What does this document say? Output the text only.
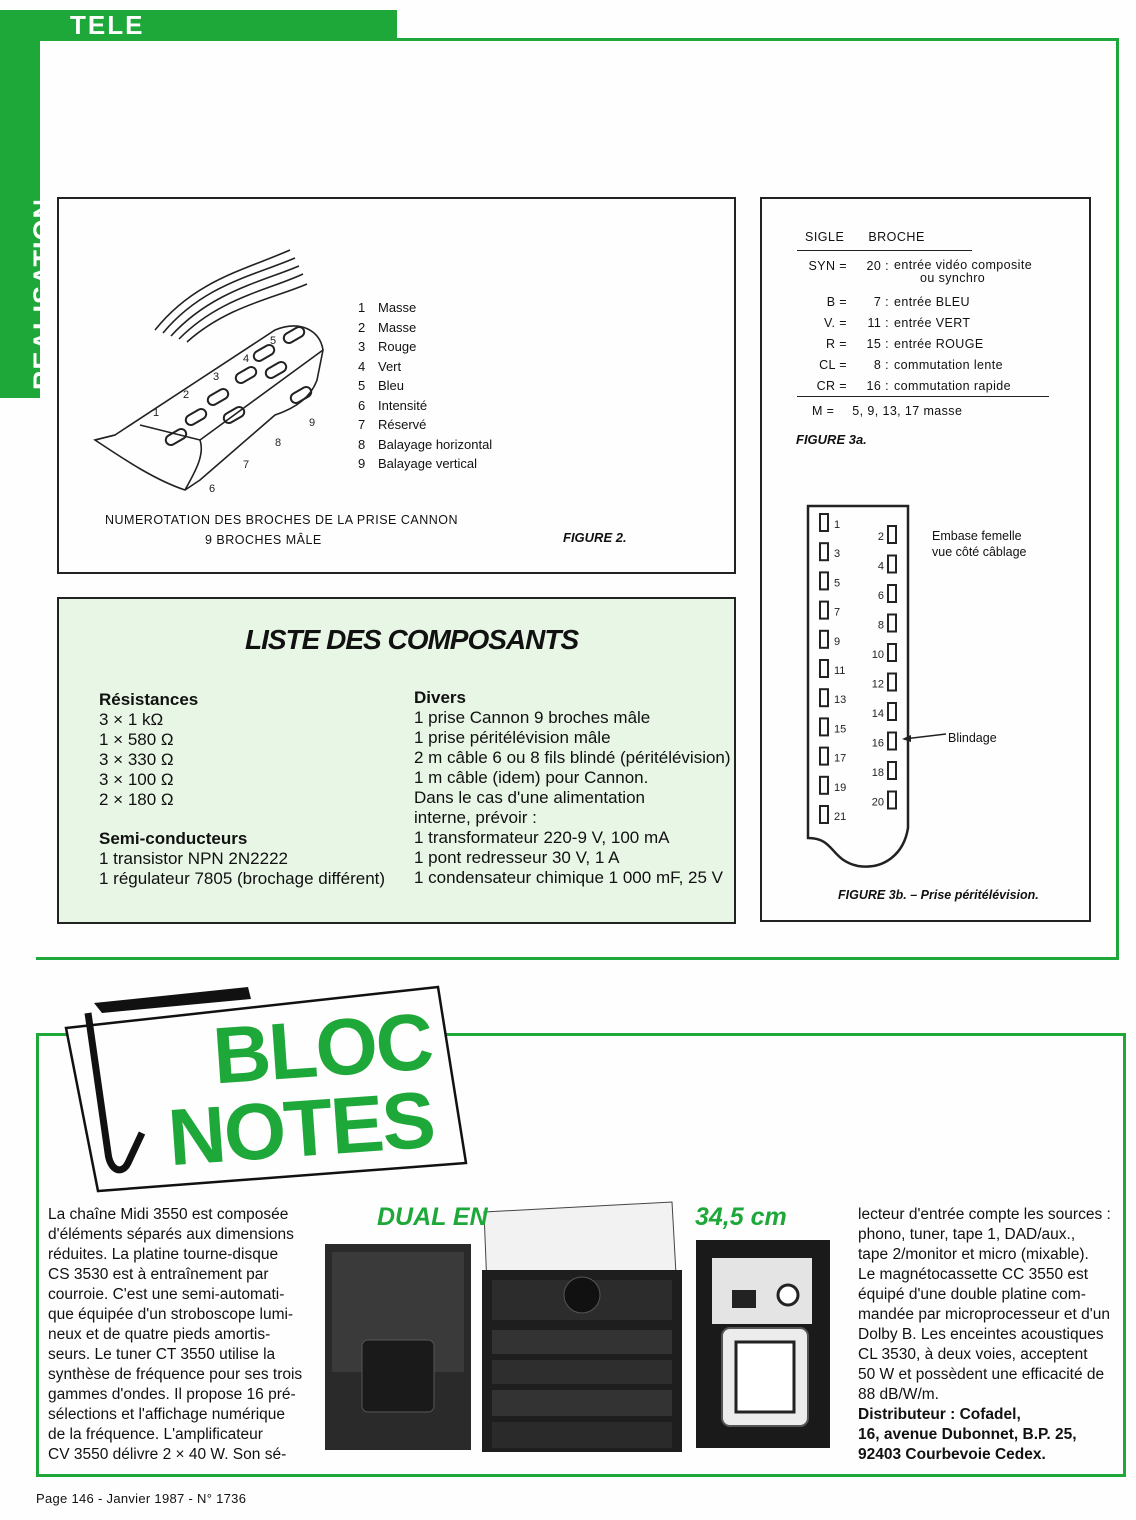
TELE
REALISATION
1
2
3
4
5
6
7
8
9
1 Masse
2 Masse
3 Rouge
4 Vert
5 Bleu
6 Intensité
7 Réservé
8 Balayage horizontal
9 Balayage vertical
NUMEROTATION DES BROCHES DE LA PRISE CANNON
9 BROCHES MÂLE	FIGURE 2.
LISTE DES COMPOSANTS
Résistances
3 × 1 kΩ
1 × 580 Ω
3 × 330 Ω
3 × 100 Ω
2 × 180 Ω
Semi-conducteurs
1 transistor NPN 2N2222
1 régulateur 7805 (brochage différent)
Divers
1 prise Cannon 9 broches mâle
1 prise péritélévision mâle
2 m câble 6 ou 8 fils blindé (péritélévision)
1 m câble (idem) pour Cannon.
Dans le cas d'une alimentation
interne, prévoir :
1 transformateur 220-9 V, 100 mA
1 pont redresseur 30 V, 1 A
1 condensateur chimique 1 000 mF, 25 V
SIGLE BROCHE
SYN =	20 :	entrée vidéo composite
ou synchro
B =	7 :	entrée BLEU
V. =	11 :	entrée VERT
R =	15 :	entrée ROUGE
CL =	8 :	commutation lente
CR =	16 :	commutation rapide
M = 5, 9, 13, 17 masse
FIGURE 3a.
1
3
5
7
9
11
13
15
17
19
21
2
4
6
8
10
12
14
16
18
20
Embase femelle
vue côté câblage
Blindage
FIGURE 3b. – Prise péritélévision.
BLOC
NOTES
La chaîne Midi 3550 est composée
d'éléments séparés aux dimensions
réduites. La platine tourne-disque
CS 3530 est à entraînement par
courroie. C'est une semi-automati-
que équipée d'un stroboscope lumi-
neux et de quatre pieds amortis-
seurs. Le tuner CT 3550 utilise la
synthèse de fréquence pour ses trois
gammes d'ondes. Il propose 16 pré-
sélections et l'affichage numérique
de la fréquence. L'amplificateur
CV 3550 délivre 2 × 40 W. Son sé-
DUAL EN	34,5 cm	lecteur d'entrée compte les sources :
phono, tuner, tape 1, DAD/aux.,
tape 2/monitor et micro (mixable).
Le magnétocassette CC 3550 est
équipé d'une double platine com-
mandée par microprocesseur et d'un
Dolby B. Les enceintes acoustiques
CL 3530, à deux voies, acceptent
50 W et possèdent une efficacité de
88 dB/W/m.
Distributeur : Cofadel,
16, avenue Dubonnet, B.P. 25,
92403 Courbevoie Cedex.
Page 146 - Janvier 1987 - N° 1736
